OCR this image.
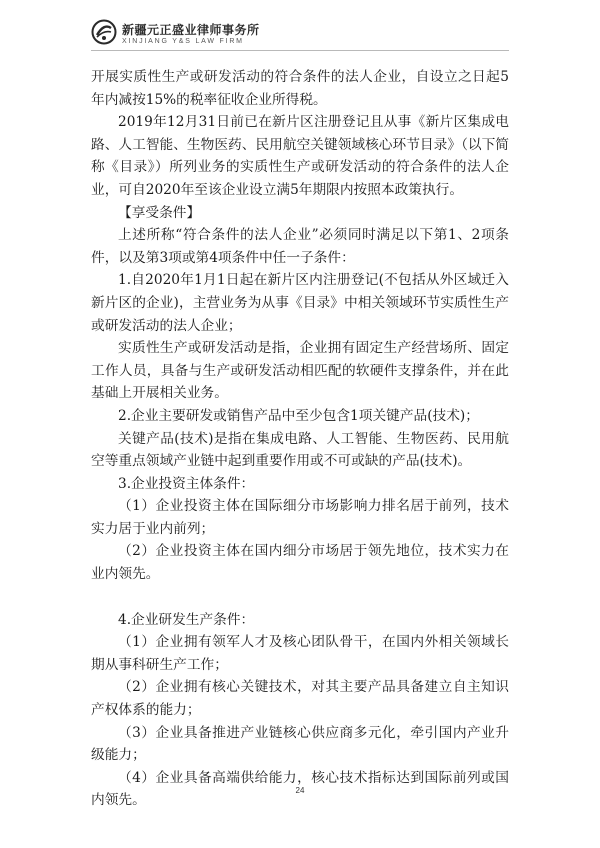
新疆元正盛业律师事务所
XINJIANG Y&S LAW FIRM

开展实质性生产或研发活动的符合条件的法人企业，自设立之日起5年内减按15%的税率征收企业所得税。

2019年12月31日前已在新片区注册登记且从事《新片区集成电路、人工智能、生物医药、民用航空关键领域核心环节目录》（以下简称《目录》）所列业务的实质性生产或研发活动的符合条件的法人企业，可自2020年至该企业设立满5年期限内按照本政策执行。

【享受条件】

上述所称“符合条件的法人企业”必须同时满足以下第1、2项条件，以及第3项或第4项条件中任一子条件：

1.自2020年1月1日起在新片区内注册登记(不包括从外区域迁入新片区的企业)，主营业务为从事《目录》中相关领域环节实质性生产或研发活动的法人企业；

实质性生产或研发活动是指，企业拥有固定生产经营场所、固定工作人员，具备与生产或研发活动相匹配的软硬件支撑条件，并在此基础上开展相关业务。

2.企业主要研发或销售产品中至少包含1项关键产品(技术)；

关键产品(技术)是指在集成电路、人工智能、生物医药、民用航空等重点领域产业链中起到重要作用或不可或缺的产品(技术)。

3.企业投资主体条件：

（1）企业投资主体在国际细分市场影响力排名居于前列，技术实力居于业内前列；

（2）企业投资主体在国内细分市场居于领先地位，技术实力在业内领先。

4.企业研发生产条件：

（1）企业拥有领军人才及核心团队骨干，在国内外相关领域长期从事科研生产工作；

（2）企业拥有核心关键技术，对其主要产品具备建立自主知识产权体系的能力；

（3）企业具备推进产业链核心供应商多元化，牵引国内产业升级能力；

（4）企业具备高端供给能力，核心技术指标达到国际前列或国内领先。

24
